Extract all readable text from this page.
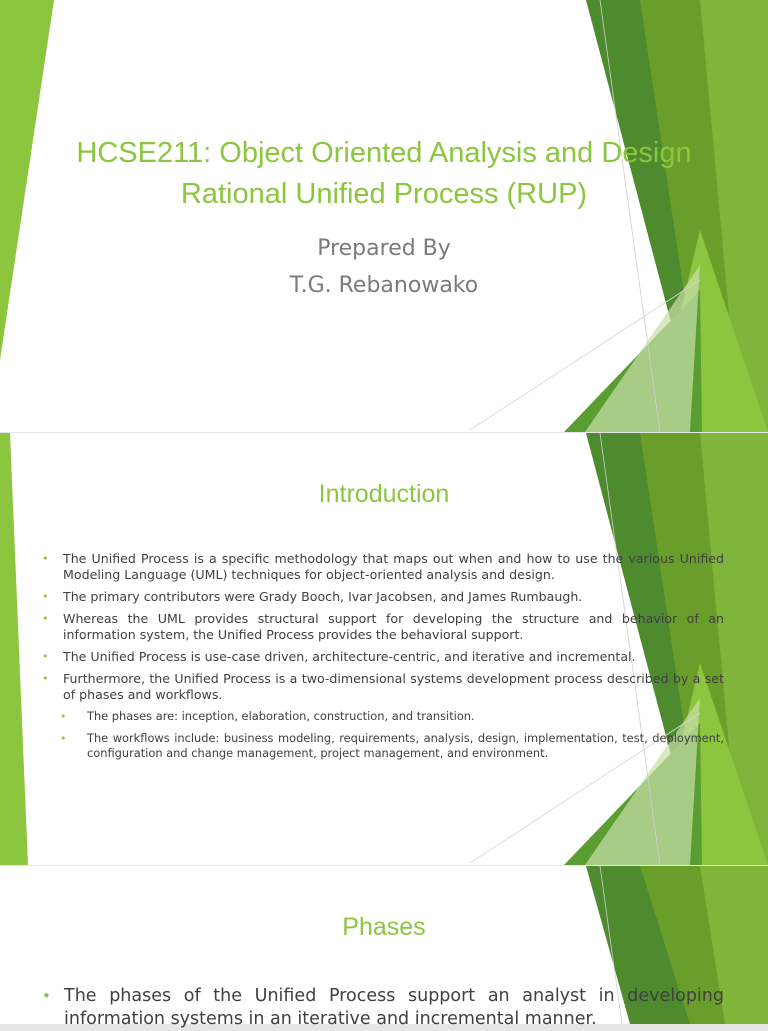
HCSE211: Object Oriented Analysis and Design
Rational Unified Process (RUP)
Prepared By
T.G. Rebanowako
Introduction
• The Unified Process is a specific methodology that maps out when and how to use the various Unified Modeling Language (UML) techniques for object-oriented analysis and design.
• The primary contributors were Grady Booch, Ivar Jacobsen, and James Rumbaugh.
• Whereas the UML provides structural support for developing the structure and behavior of an information system, the Unified Process provides the behavioral support.
• The Unified Process is use-case driven, architecture-centric, and iterative and incremental.
• Furthermore, the Unified Process is a two-dimensional systems development process described by a set of phases and workflows.
• The phases are: inception, elaboration, construction, and transition.
• The workflows include: business modeling, requirements, analysis, design, implementation, test, deployment, configuration and change management, project management, and environment.
Phases
• The phases of the Unified Process support an analyst in developing information systems in an iterative and incremental manner.
